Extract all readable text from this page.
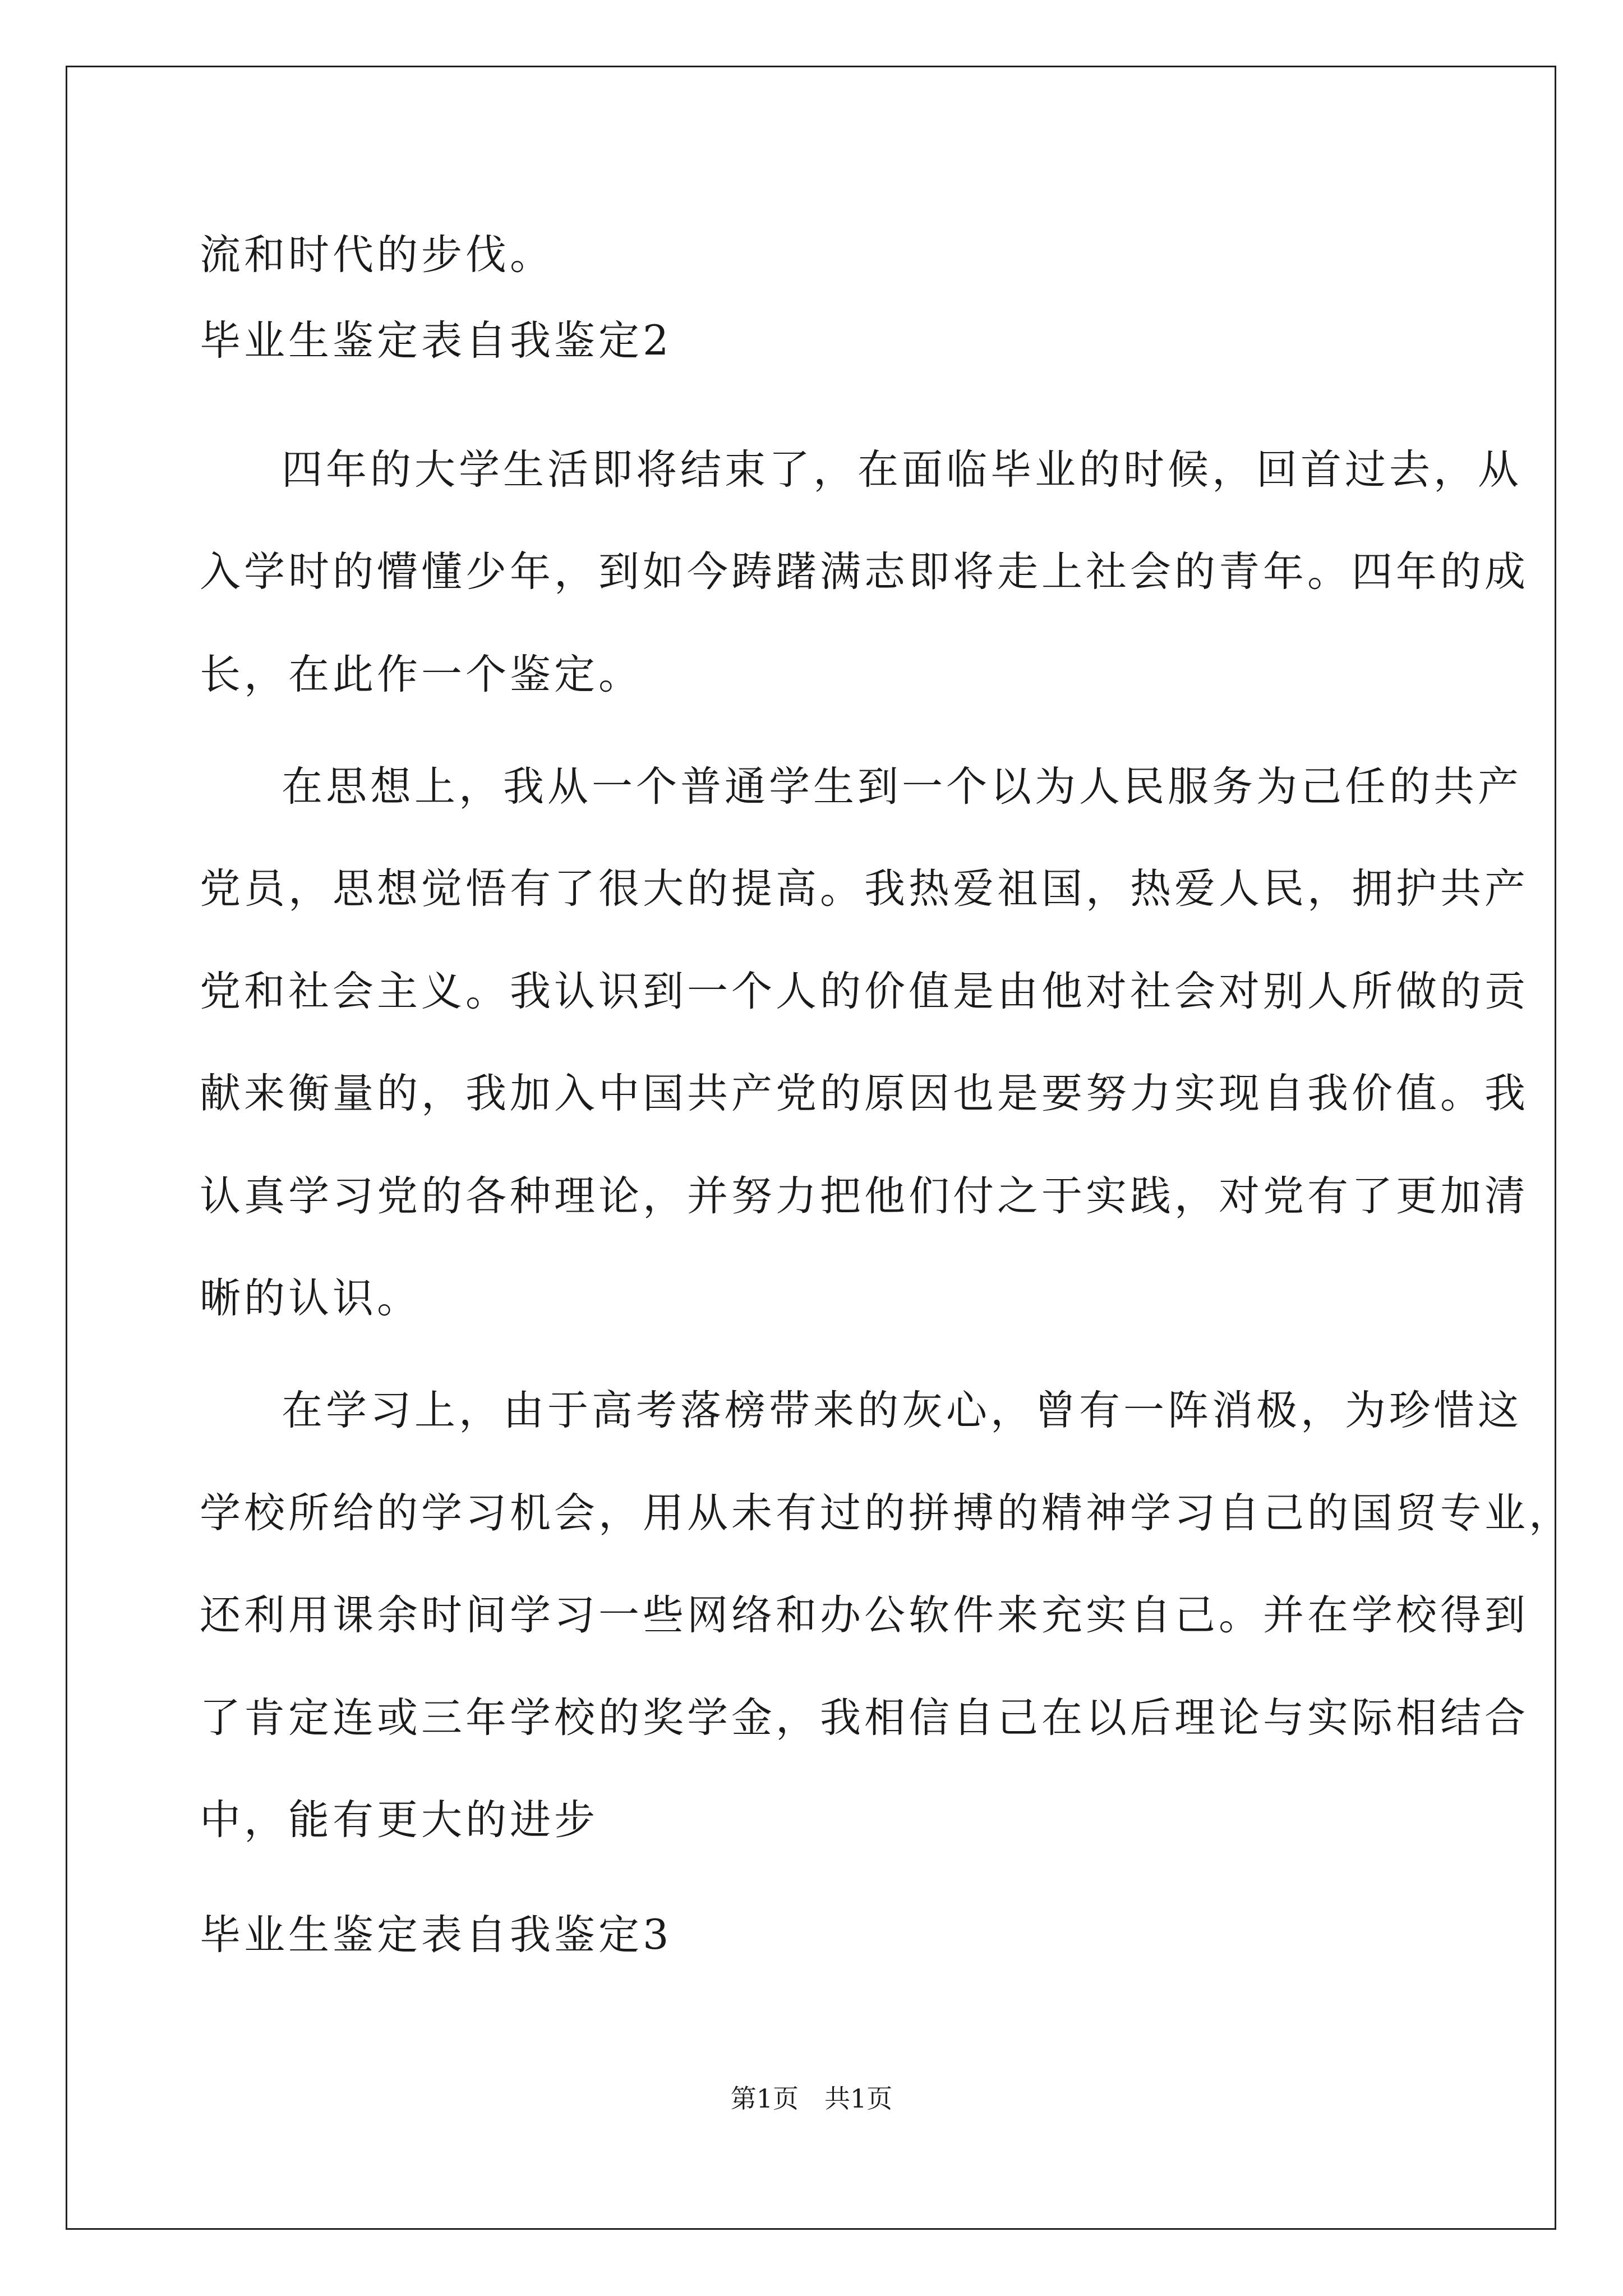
流和时代的步伐。
毕业生鉴定表自我鉴定2
四年的大学生活即将结束了，在面临毕业的时候，回首过去，从
入学时的懵懂少年，到如今踌躇满志即将走上社会的青年。四年的成
长，在此作一个鉴定。
在思想上，我从一个普通学生到一个以为人民服务为己任的共产
党员，思想觉悟有了很大的提高。我热爱祖国，热爱人民，拥护共产
党和社会主义。我认识到一个人的价值是由他对社会对别人所做的贡
献来衡量的，我加入中国共产党的原因也是要努力实现自我价值。我
认真学习党的各种理论，并努力把他们付之于实践，对党有了更加清
晰的认识。
在学习上，由于高考落榜带来的灰心，曾有一阵消极，为珍惜这
学校所给的学习机会，用从未有过的拼搏的精神学习自己的国贸专业，
还利用课余时间学习一些网络和办公软件来充实自己。并在学校得到
了肯定连或三年学校的奖学金，我相信自己在以后理论与实际相结合
中，能有更大的进步
毕业生鉴定表自我鉴定3
第1页　共1页
